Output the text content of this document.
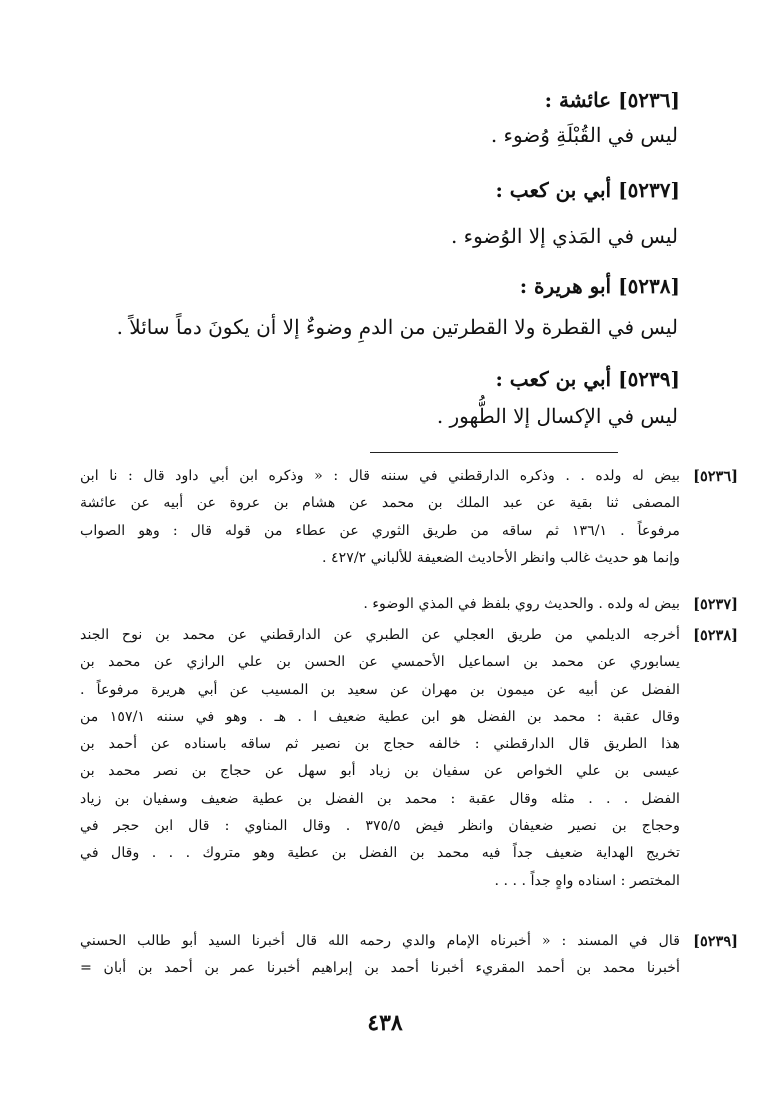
[٥٢٣٦] عائشة :
ليس في القُبْلَةِ وُضوء .
[٥٢٣٧] أبي بن كعب :
ليس في المَذي إلا الوُضوء .
[٥٢٣٨] أبو هريرة :
ليس في القطرة ولا القطرتين من الدمِ وضوءٌ إلا أن يكونَ دماً سائلاً .
[٥٢٣٩] أبي بن كعب :
ليس في الإكسال إلا الطُّهور .
[٥٢٣٦]
بيض له ولده . . وذكره الدارقطني في سننه قال : « وذكره ابن أبي داود قال : نا ابن
المصفى ثنا بقية عن عبد الملك بن محمد عن هشام بن عروة عن أبيه عن عائشة
مرفوعاً . ١٣٦/١ ثم ساقه من طريق الثوري عن عطاء من قوله قال : وهو الصواب
وإنما هو حديث غالب وانظر الأحاديث الضعيفة للألباني ٤٢٧/٢ .
[٥٢٣٧]
بيض له ولده . والحديث روي بلفظ في المذي الوضوء .
[٥٢٣٨]
أخرجه الديلمي من طريق العجلي عن الطبري عن الدارقطني عن محمد بن نوح الجند
يسابوري عن محمد بن اسماعيل الأحمسي عن الحسن بن علي الرازي عن محمد بن
الفضل عن أبيه عن ميمون بن مهران عن سعيد بن المسيب عن أبي هريرة مرفوعاً .
وقال عقبة : محمد بن الفضل هو ابن عطية ضعيف ا . هـ . وهو في سننه ١٥٧/١ من
هذا الطريق قال الدارقطني : خالفه حجاج بن نصير ثم ساقه باسناده عن أحمد بن
عيسى بن علي الخواص عن سفيان بن زياد أبو سهل عن حجاج بن نصر محمد بن
الفضل . . . مثله وقال عقبة : محمد بن الفضل بن عطية ضعيف وسفيان بن زياد
وحجاج بن نصير ضعيفان وانظر فيض ٣٧٥/٥ . وقال المناوي : قال ابن حجر في
تخريج الهداية ضعيف جداً فيه محمد بن الفضل بن عطية وهو متروك . . . وقال في
المختصر : اسناده واهٍ جداً . . . .
[٥٢٣٩]
قال في المسند : « أخبرناه الإمام والدي رحمه الله قال أخبرنا السيد أبو طالب الحسني
أخبرنا محمد بن أحمد المقريء أخبرنا أحمد بن إبراهيم أخبرنا عمر بن أحمد بن أبان =
٤٣٨
